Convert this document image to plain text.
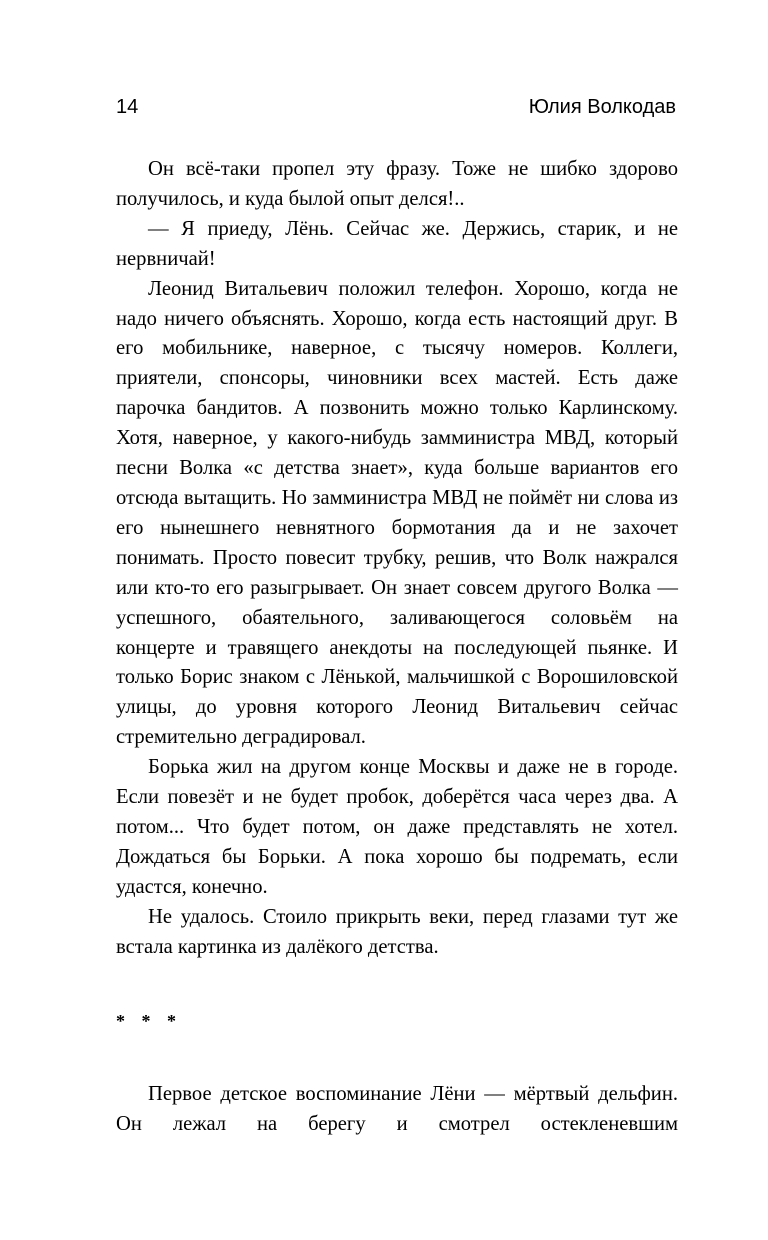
14	Юлия Волкодав

Он всё-таки пропел эту фразу. Тоже не шибко здорово получилось, и куда былой опыт делся!..

— Я приеду, Лёнь. Сейчас же. Держись, старик, и не нервничай!

Леонид Витальевич положил телефон. Хорошо, когда не надо ничего объяснять. Хорошо, когда есть настоящий друг. В его мобильнике, наверное, с тысячу номеров. Коллеги, приятели, спонсоры, чиновники всех мастей. Есть даже парочка бандитов. А позвонить можно только Карлинскому. Хотя, наверное, у какого-нибудь замминистра МВД, который песни Волка «с детства знает», куда больше вариантов его отсюда вытащить. Но замминистра МВД не поймёт ни слова из его нынешнего невнятного бормотания да и не захочет понимать. Просто повесит трубку, решив, что Волк нажрался или кто-то его разыгрывает. Он знает совсем другого Волка — успешного, обаятельного, заливающегося соловьём на концерте и травящего анекдоты на последующей пьянке. И только Борис знаком с Лёнькой, мальчишкой с Ворошиловской улицы, до уровня которого Леонид Витальевич сейчас стремительно деградировал.

Борька жил на другом конце Москвы и даже не в городе. Если повезёт и не будет пробок, доберётся часа через два. А потом... Что будет потом, он даже представлять не хотел. Дождаться бы Борьки. А пока хорошо бы подремать, если удастся, конечно.

Не удалось. Стоило прикрыть веки, перед глазами тут же встала картинка из далёкого детства.

* * *

Первое детское воспоминание Лёни — мёртвый дельфин. Он лежал на берегу и смотрел остекленевшим
